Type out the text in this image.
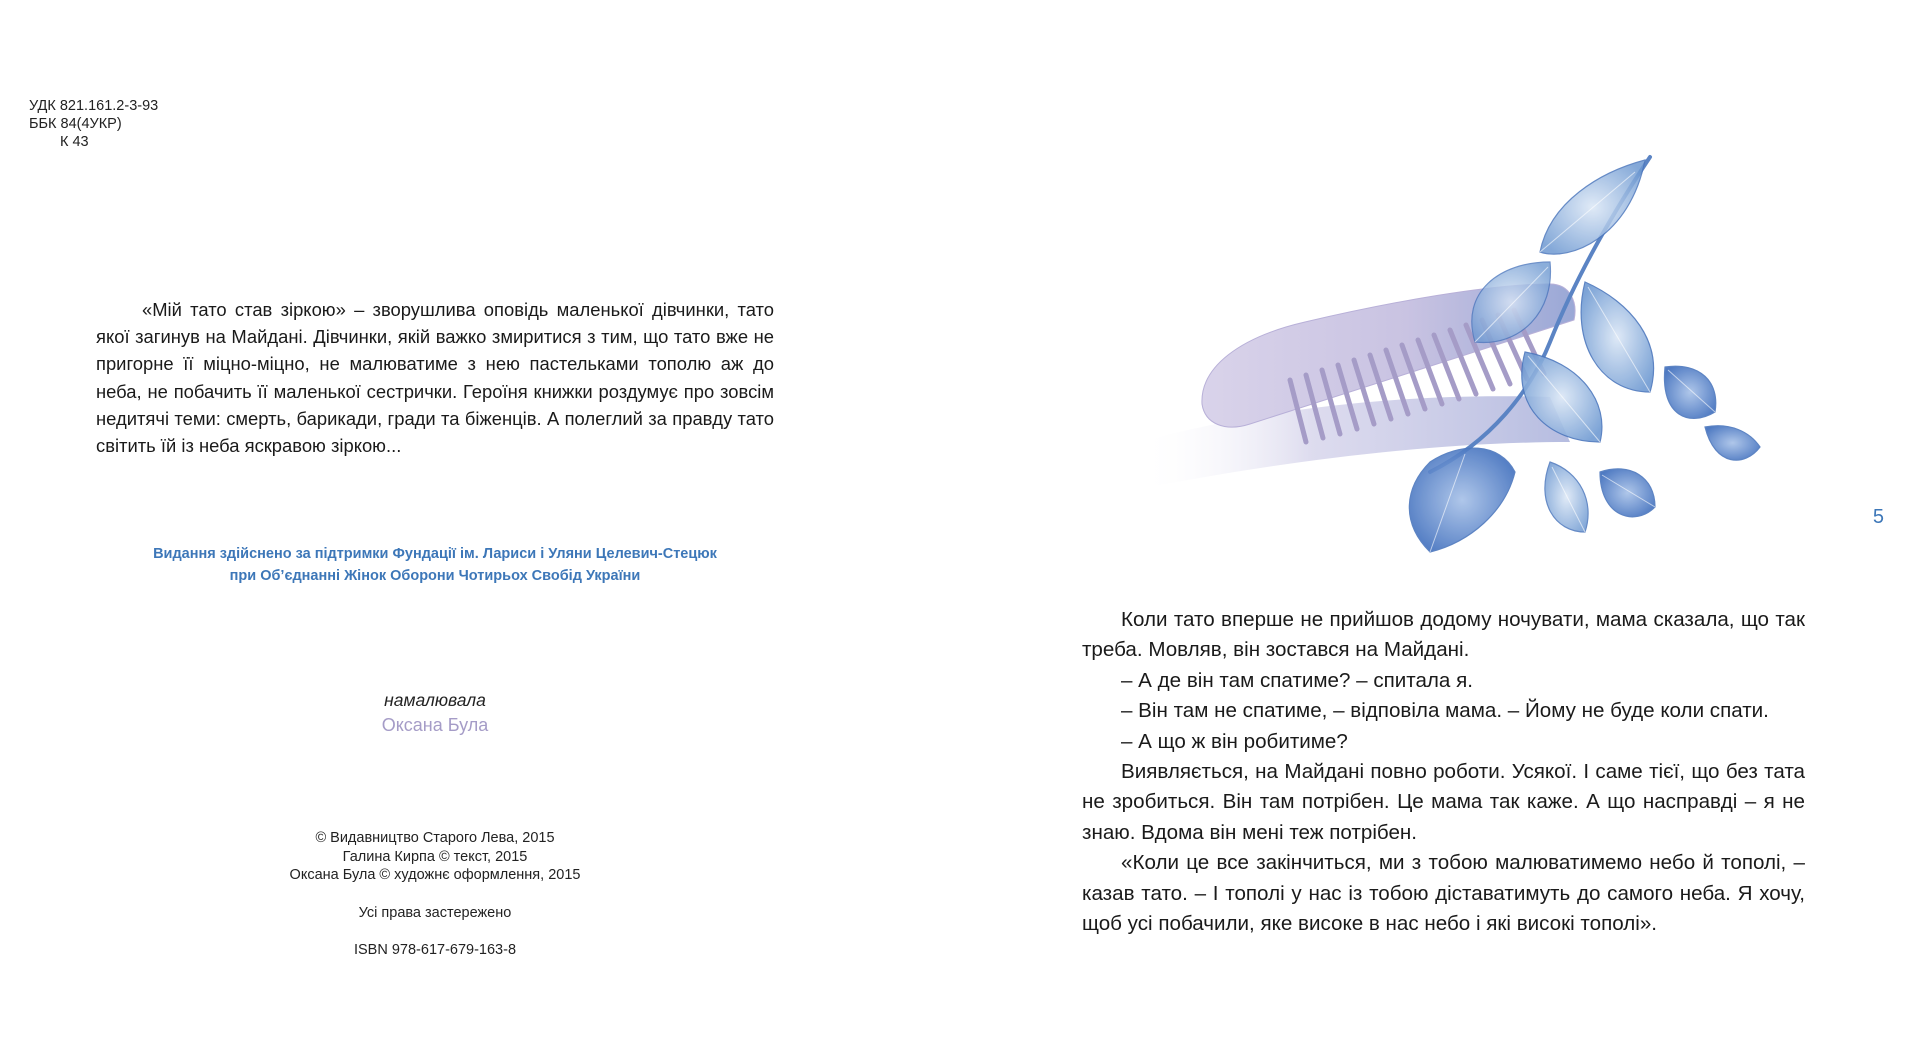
УДК 821.161.2-3-93
ББК 84(4УКР)
К 43

«Мій тато став зіркою» – зворушлива оповідь маленької дівчинки, тато якої загинув на Майдані. Дівчинки, якій важко змиритися з тим, що тато вже не пригорне її міцно-міцно, не малюватиме з нею пастельками тополю аж до неба, не побачить її маленької сестрички. Героїня книжки роздумує про зовсім недитячі теми: смерть, барикади, гради та біженців. А полеглий за правду тато світить їй із неба яскравою зіркою...

Видання здійснено за підтримки Фундації ім. Лариси і Уляни Целевич-Стецюк
при Об’єднанні Жінок Оборони Чотирьох Свобід України
намалювала
Оксана Була
© Видавництво Старого Лева, 2015
Галина Кирпа © текст, 2015
Оксана Була © художнє оформлення, 2015
Усі права застережено
ISBN 978-617-679-163-8
5

Коли тато вперше не прийшов додому ночувати, мама сказала, що так треба. Мовляв, він зостався на Майдані.

– А де він там спатиме? – спитала я.

– Він там не спатиме, – відповіла мама. – Йому не буде коли спати.

– А що ж він робитиме?

Виявляється, на Майдані повно роботи. Усякої. І саме тієї, що без тата не зробиться. Він там потрібен. Це мама так каже. А що насправді – я не знаю. Вдома він мені теж потрібен.

«Коли це все закінчиться, ми з тобою малюватимемо небо й тополі, – казав тато. – І тополі у нас із тобою діставатимуть до самого неба. Я хочу, щоб усі побачили, яке високе в нас небо і які високі тополі».
